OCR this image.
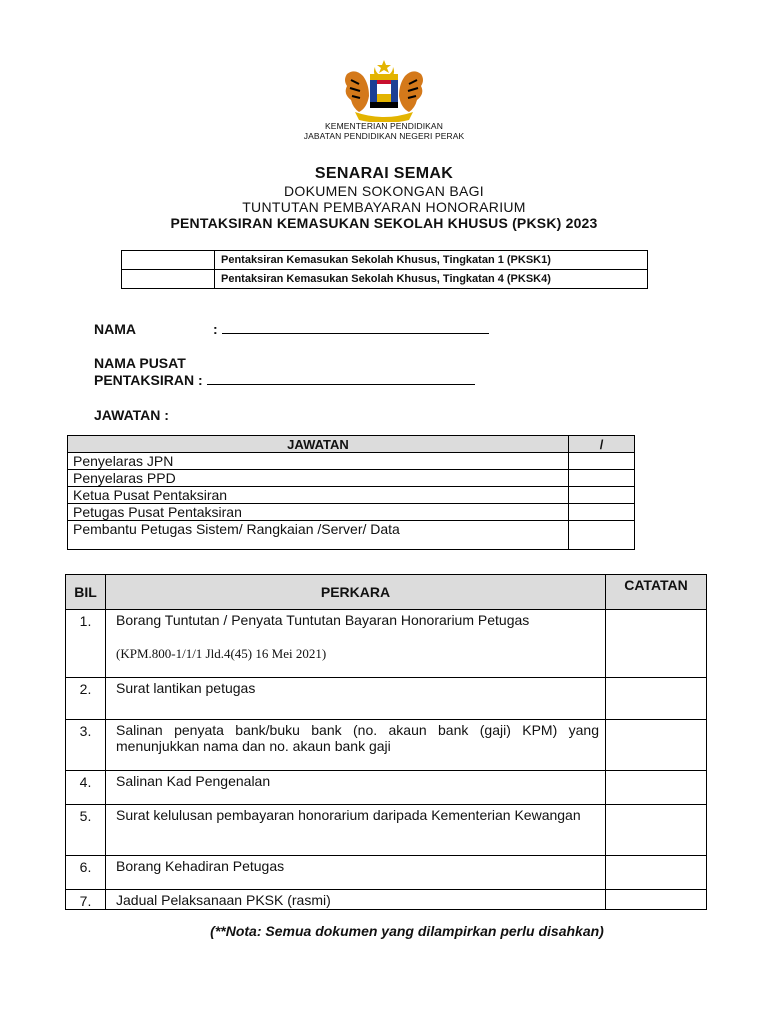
KEMENTERIAN PENDIDIKAN
JABATAN PENDIDIKAN NEGERI PERAK
SENARAI SEMAK
DOKUMEN SOKONGAN BAGI
TUNTUTAN PEMBAYARAN HONORARIUM
PENTAKSIRAN KEMASUKAN SEKOLAH KHUSUS (PKSK) 2023
	Pentaksiran Kemasukan Sekolah Khusus, Tingkatan 1 (PKSK1)
	Pentaksiran Kemasukan Sekolah Khusus, Tingkatan 4 (PKSK4)
NAMA	:
NAMA PUSAT
PENTAKSIRAN :
JAWATAN :
JAWATAN	/
Penyelaras JPN	
Penyelaras PPD	
Ketua Pusat Pentaksiran	
Petugas Pusat Pentaksiran	
Pembantu Petugas Sistem/ Rangkaian /Server/ Data	
BIL	PERKARA	CATATAN
1.	Borang Tuntutan / Penyata Tuntutan Bayaran Honorarium Petugas
(KPM.800-1/1/1 Jld.4(45) 16 Mei 2021)	

2.	Surat lantikan petugas	
3.	Salinan penyata bank/buku bank (no. akaun bank (gaji) KPM) yang menunjukkan nama dan no. akaun bank gaji	
4.	Salinan Kad Pengenalan	
5.	Surat kelulusan pembayaran honorarium daripada Kementerian Kewangan	
6.	Borang Kehadiran Petugas	
7.	Jadual Pelaksanaan PKSK (rasmi)	
(**Nota: Semua dokumen yang dilampirkan perlu disahkan)
